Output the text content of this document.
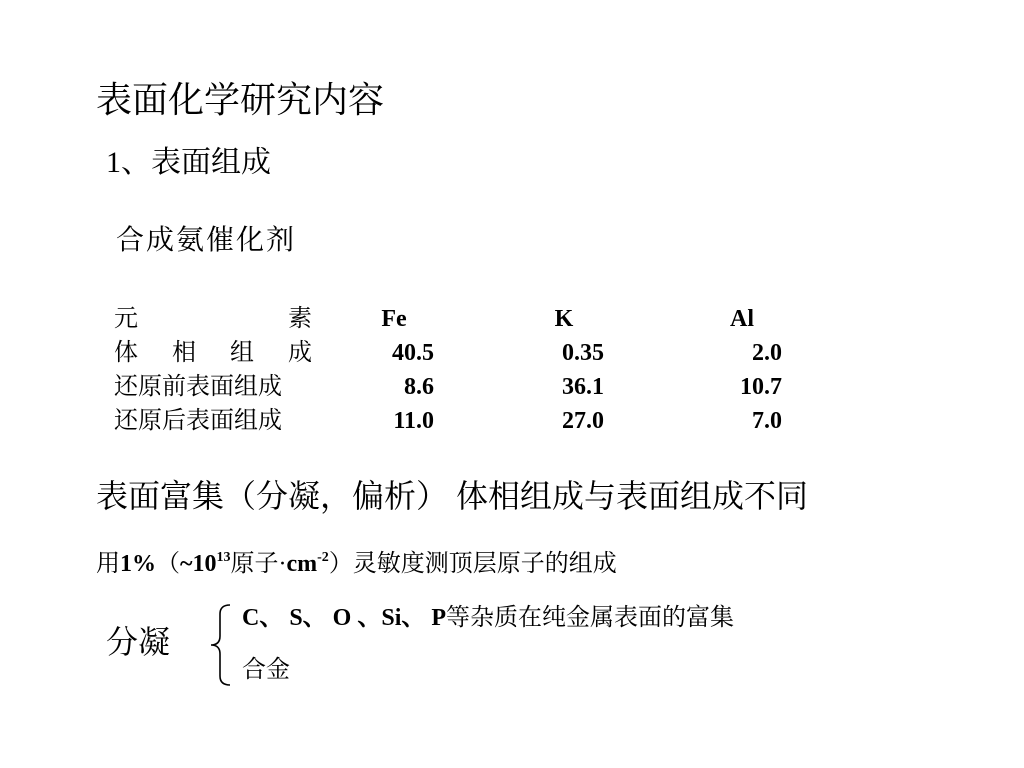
表面化学研究内容
1、表面组成
合成氨催化剂
元　　素	Fe	K	Al
体　相　组　成	40.5	0.35	2.0
还原前表面组成	8.6	36.1	10.7
还原后表面组成	11.0	27.0	7.0
表面富集（分凝，偏析） 体相组成与表面组成不同
用$1\%(\sim 10^{13}$原子$\cdot cm^{-2}$）灵敏度测顶层原子的组成
分凝
C、 S、 O 、Si、 P等杂质在纯金属表面的富集
合金
